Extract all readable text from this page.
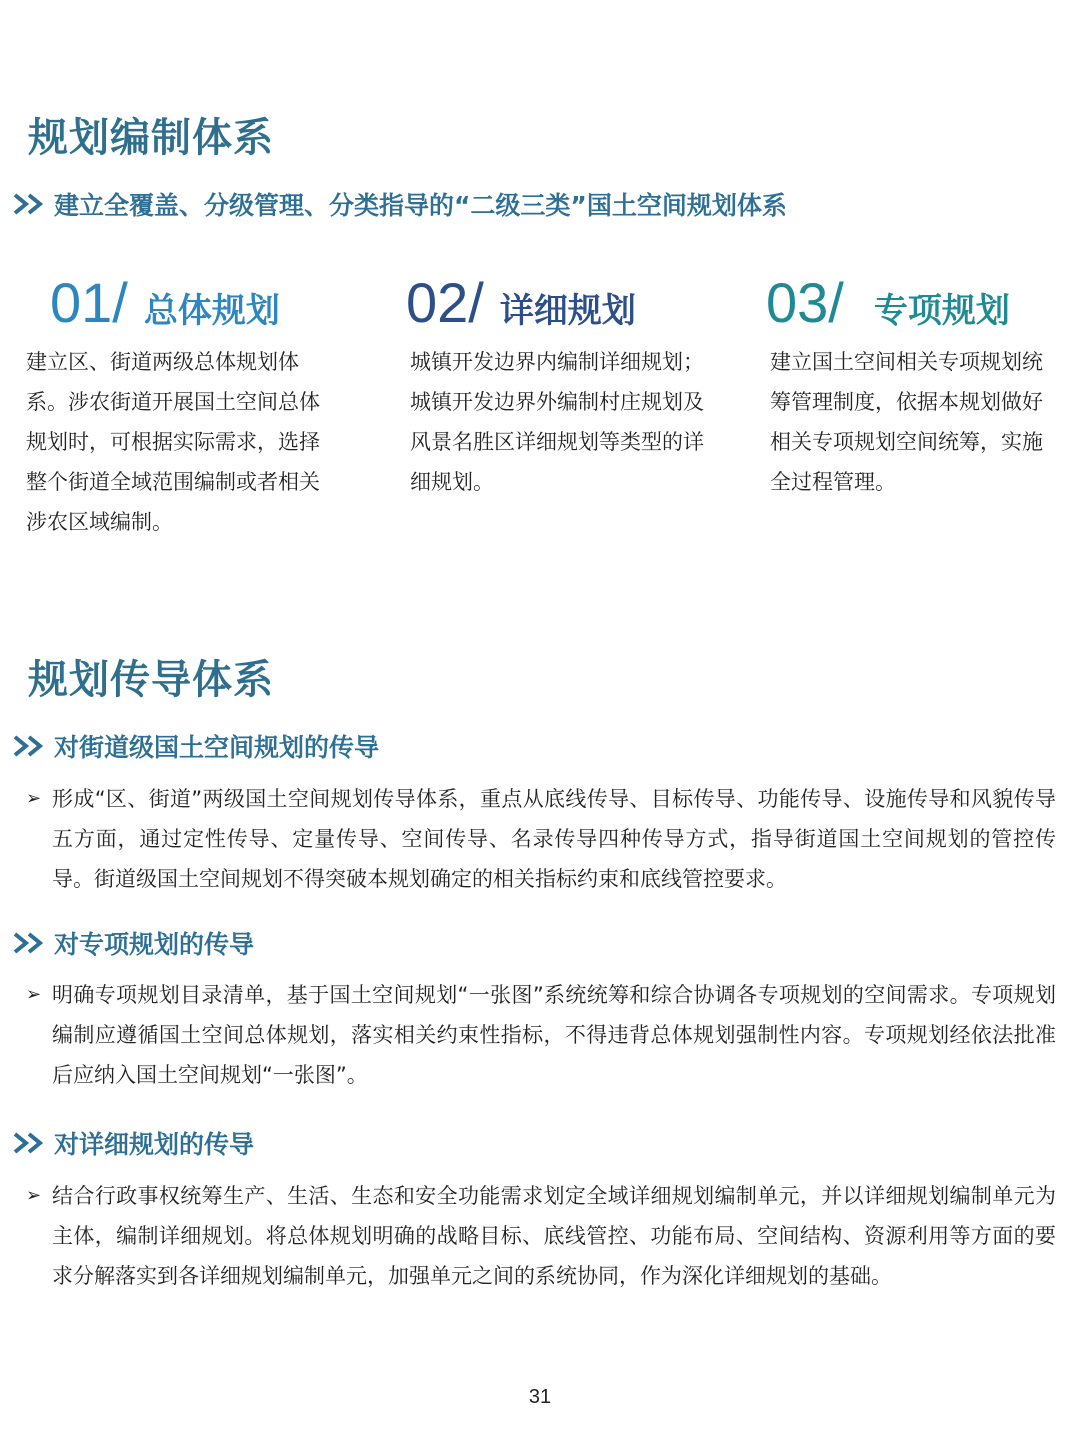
规划编制体系
建立全覆盖、分级管理、分类指导的“二级三类”国土空间规划体系
01/ 总体规划
建立区、街道两级总体规划体系。涉农街道开展国土空间总体规划时，可根据实际需求，选择整个街道全域范围编制或者相关涉农区域编制。
02/ 详细规划
城镇开发边界内编制详细规划；城镇开发边界外编制村庄规划及风景名胜区详细规划等类型的详细规划。
03/ 专项规划
建立国土空间相关专项规划统筹管理制度，依据本规划做好相关专项规划空间统筹，实施全过程管理。
规划传导体系
对街道级国土空间规划的传导
➢ 形成“区、街道”两级国土空间规划传导体系，重点从底线传导、目标传导、功能传导、设施传导和风貌传导五方面，通过定性传导、定量传导、空间传导、名录传导四种传导方式，指导街道国土空间规划的管控传导。街道级国土空间规划不得突破本规划确定的相关指标约束和底线管控要求。
对专项规划的传导
➢ 明确专项规划目录清单，基于国土空间规划“一张图”系统统筹和综合协调各专项规划的空间需求。专项规划编制应遵循国土空间总体规划，落实相关约束性指标，不得违背总体规划强制性内容。专项规划经依法批准后应纳入国土空间规划“一张图”。
对详细规划的传导
➢ 结合行政事权统筹生产、生活、生态和安全功能需求划定全域详细规划编制单元，并以详细规划编制单元为主体，编制详细规划。将总体规划明确的战略目标、底线管控、功能布局、空间结构、资源利用等方面的要求分解落实到各详细规划编制单元，加强单元之间的系统协同，作为深化详细规划的基础。
31
